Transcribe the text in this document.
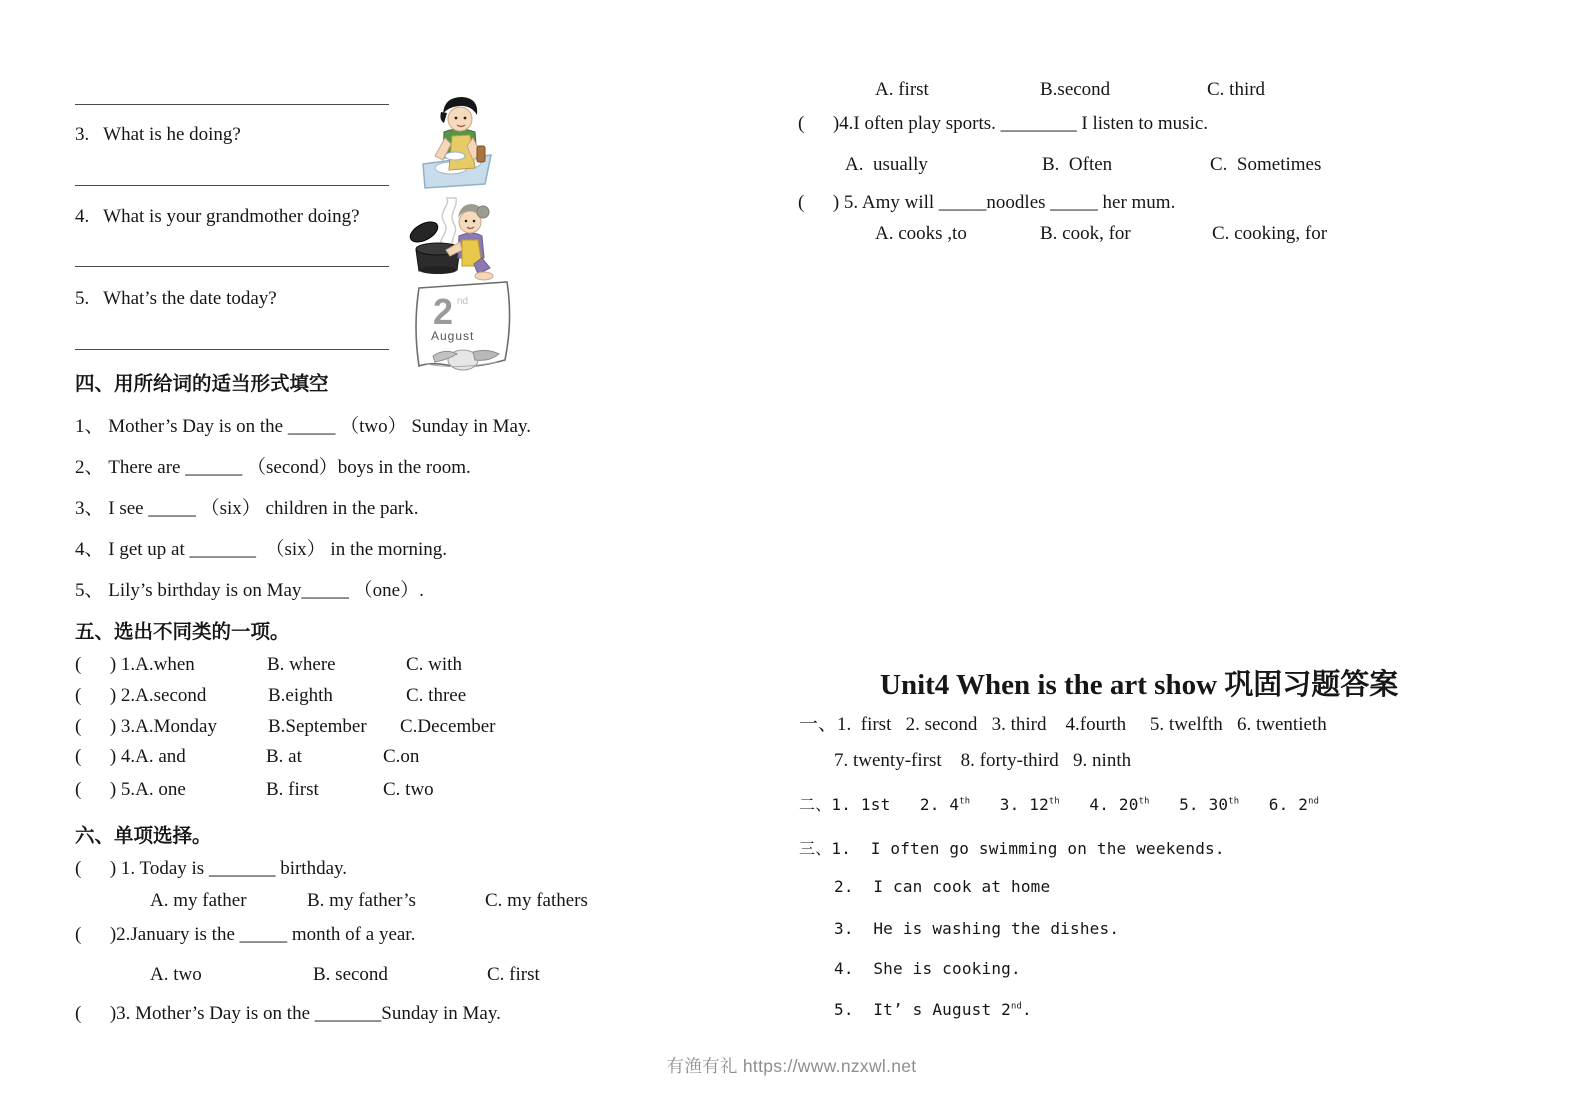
3.   What is he doing?
4.   What is your grandmother doing?
5.   What’s the date today?	2 nd
August
四、用所给词的适当形式填空
1、 Mother’s Day is on the _____ （two） Sunday in May.
2、 There are ______ （second）boys in the room.
3、 I see _____ （six） children in the park.
4、 I get up at _______  （six） in the morning.
5、 Lily’s birthday is on May_____ （one）.
五、选出不同类的一项。

(      ) 1.A.when

	B. where

	C. with

(      ) 2.A.second

	B.eighth

	C. three

(      ) 3.A.Monday

	B.September

C.December

(      ) 4.A. and

	B. at

	C.on

(      ) 5.A. one

	B. first

	C. two

六、单项选择。
(      ) 1. Today is _______ birthday.

A. my father

	B. my father’s

	C. my fathers

(      )2.January is the _____ month of a year.

A. two

	B. second

	C. first

(      )3. Mother’s Day is on the _______Sunday in May.

A. first

	B.second

	C. third

(      )4.I often play sports. ________ I listen to music.

A.  usually

	B.  Often

	C.  Sometimes

(      ) 5. Amy will _____noodles _____ her mum.

A. cooks ,to

	B. cook, for

	C. cooking, for

Unit4 When is the art show 巩固习题答案
一、1.  first   2. second   3. third    4.fourth     5. twelfth   6. twentieth
7. twenty-first    8. forty-third   9. ninth
二、1. 1st   2. 4th   3. 12th   4. 20th   5. 30th   6. 2nd
三、1.  I often go swimming on the weekends.
2.  I can cook at home
3.  He is washing the dishes.
4.  She is cooking.
5.  It’ s August 2nd.
有渔有礼 https://www.nzxwl.net
